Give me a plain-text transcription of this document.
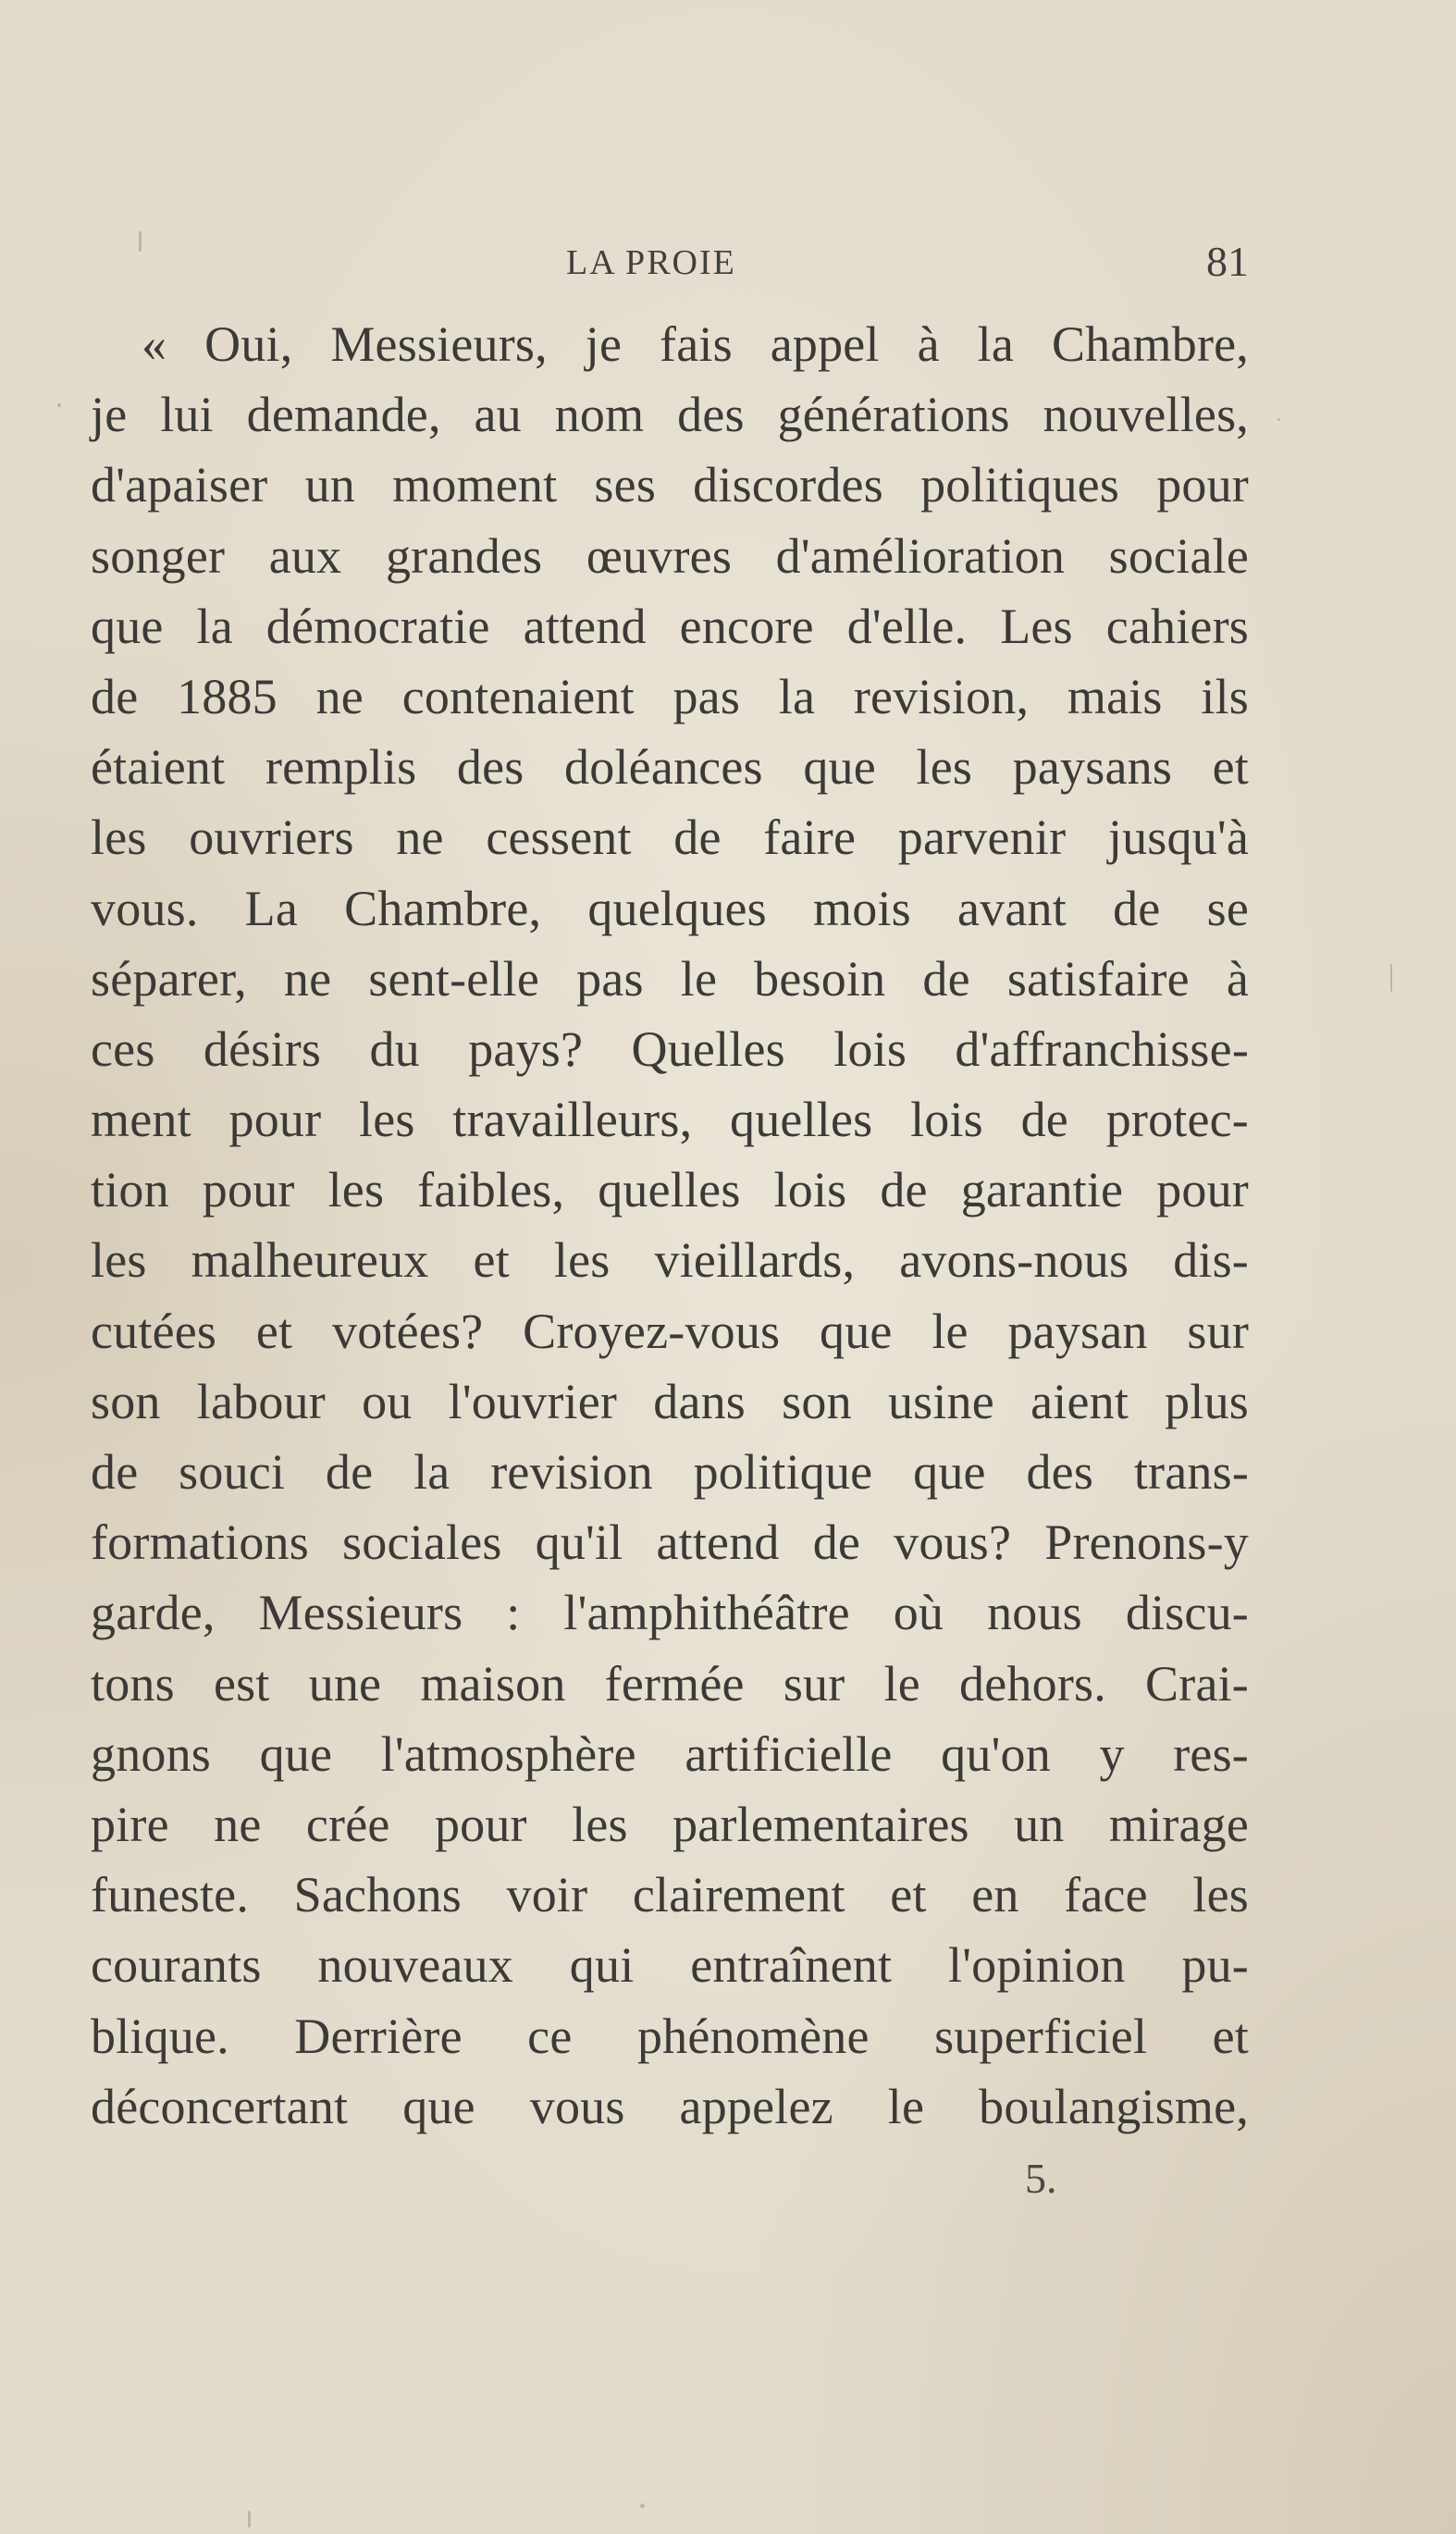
LA PROIE	81
« Oui, Messieurs, je fais appel à la Chambre,
je lui demande, au nom des générations nouvelles,
d'apaiser un moment ses discordes politiques pour
songer aux grandes œuvres d'amélioration sociale
que la démocratie attend encore d'elle. Les cahiers
de 1885 ne contenaient pas la revision, mais ils
étaient remplis des doléances que les paysans et
les ouvriers ne cessent de faire parvenir jusqu'à
vous. La Chambre, quelques mois avant de se
séparer, ne sent-elle pas le besoin de satisfaire à
ces désirs du pays? Quelles lois d'affranchisse-
ment pour les travailleurs, quelles lois de protec-
tion pour les faibles, quelles lois de garantie pour
les malheureux et les vieillards, avons-nous dis-
cutées et votées? Croyez-vous que le paysan sur
son labour ou l'ouvrier dans son usine aient plus
de souci de la revision politique que des trans-
formations sociales qu'il attend de vous? Prenons-y
garde, Messieurs : l'amphithéâtre où nous discu-
tons est une maison fermée sur le dehors. Crai-
gnons que l'atmosphère artificielle qu'on y res-
pire ne crée pour les parlementaires un mirage
funeste. Sachons voir clairement et en face les
courants nouveaux qui entraînent l'opinion pu-
blique. Derrière ce phénomène superficiel et
déconcertant que vous appelez le boulangisme,
5.
